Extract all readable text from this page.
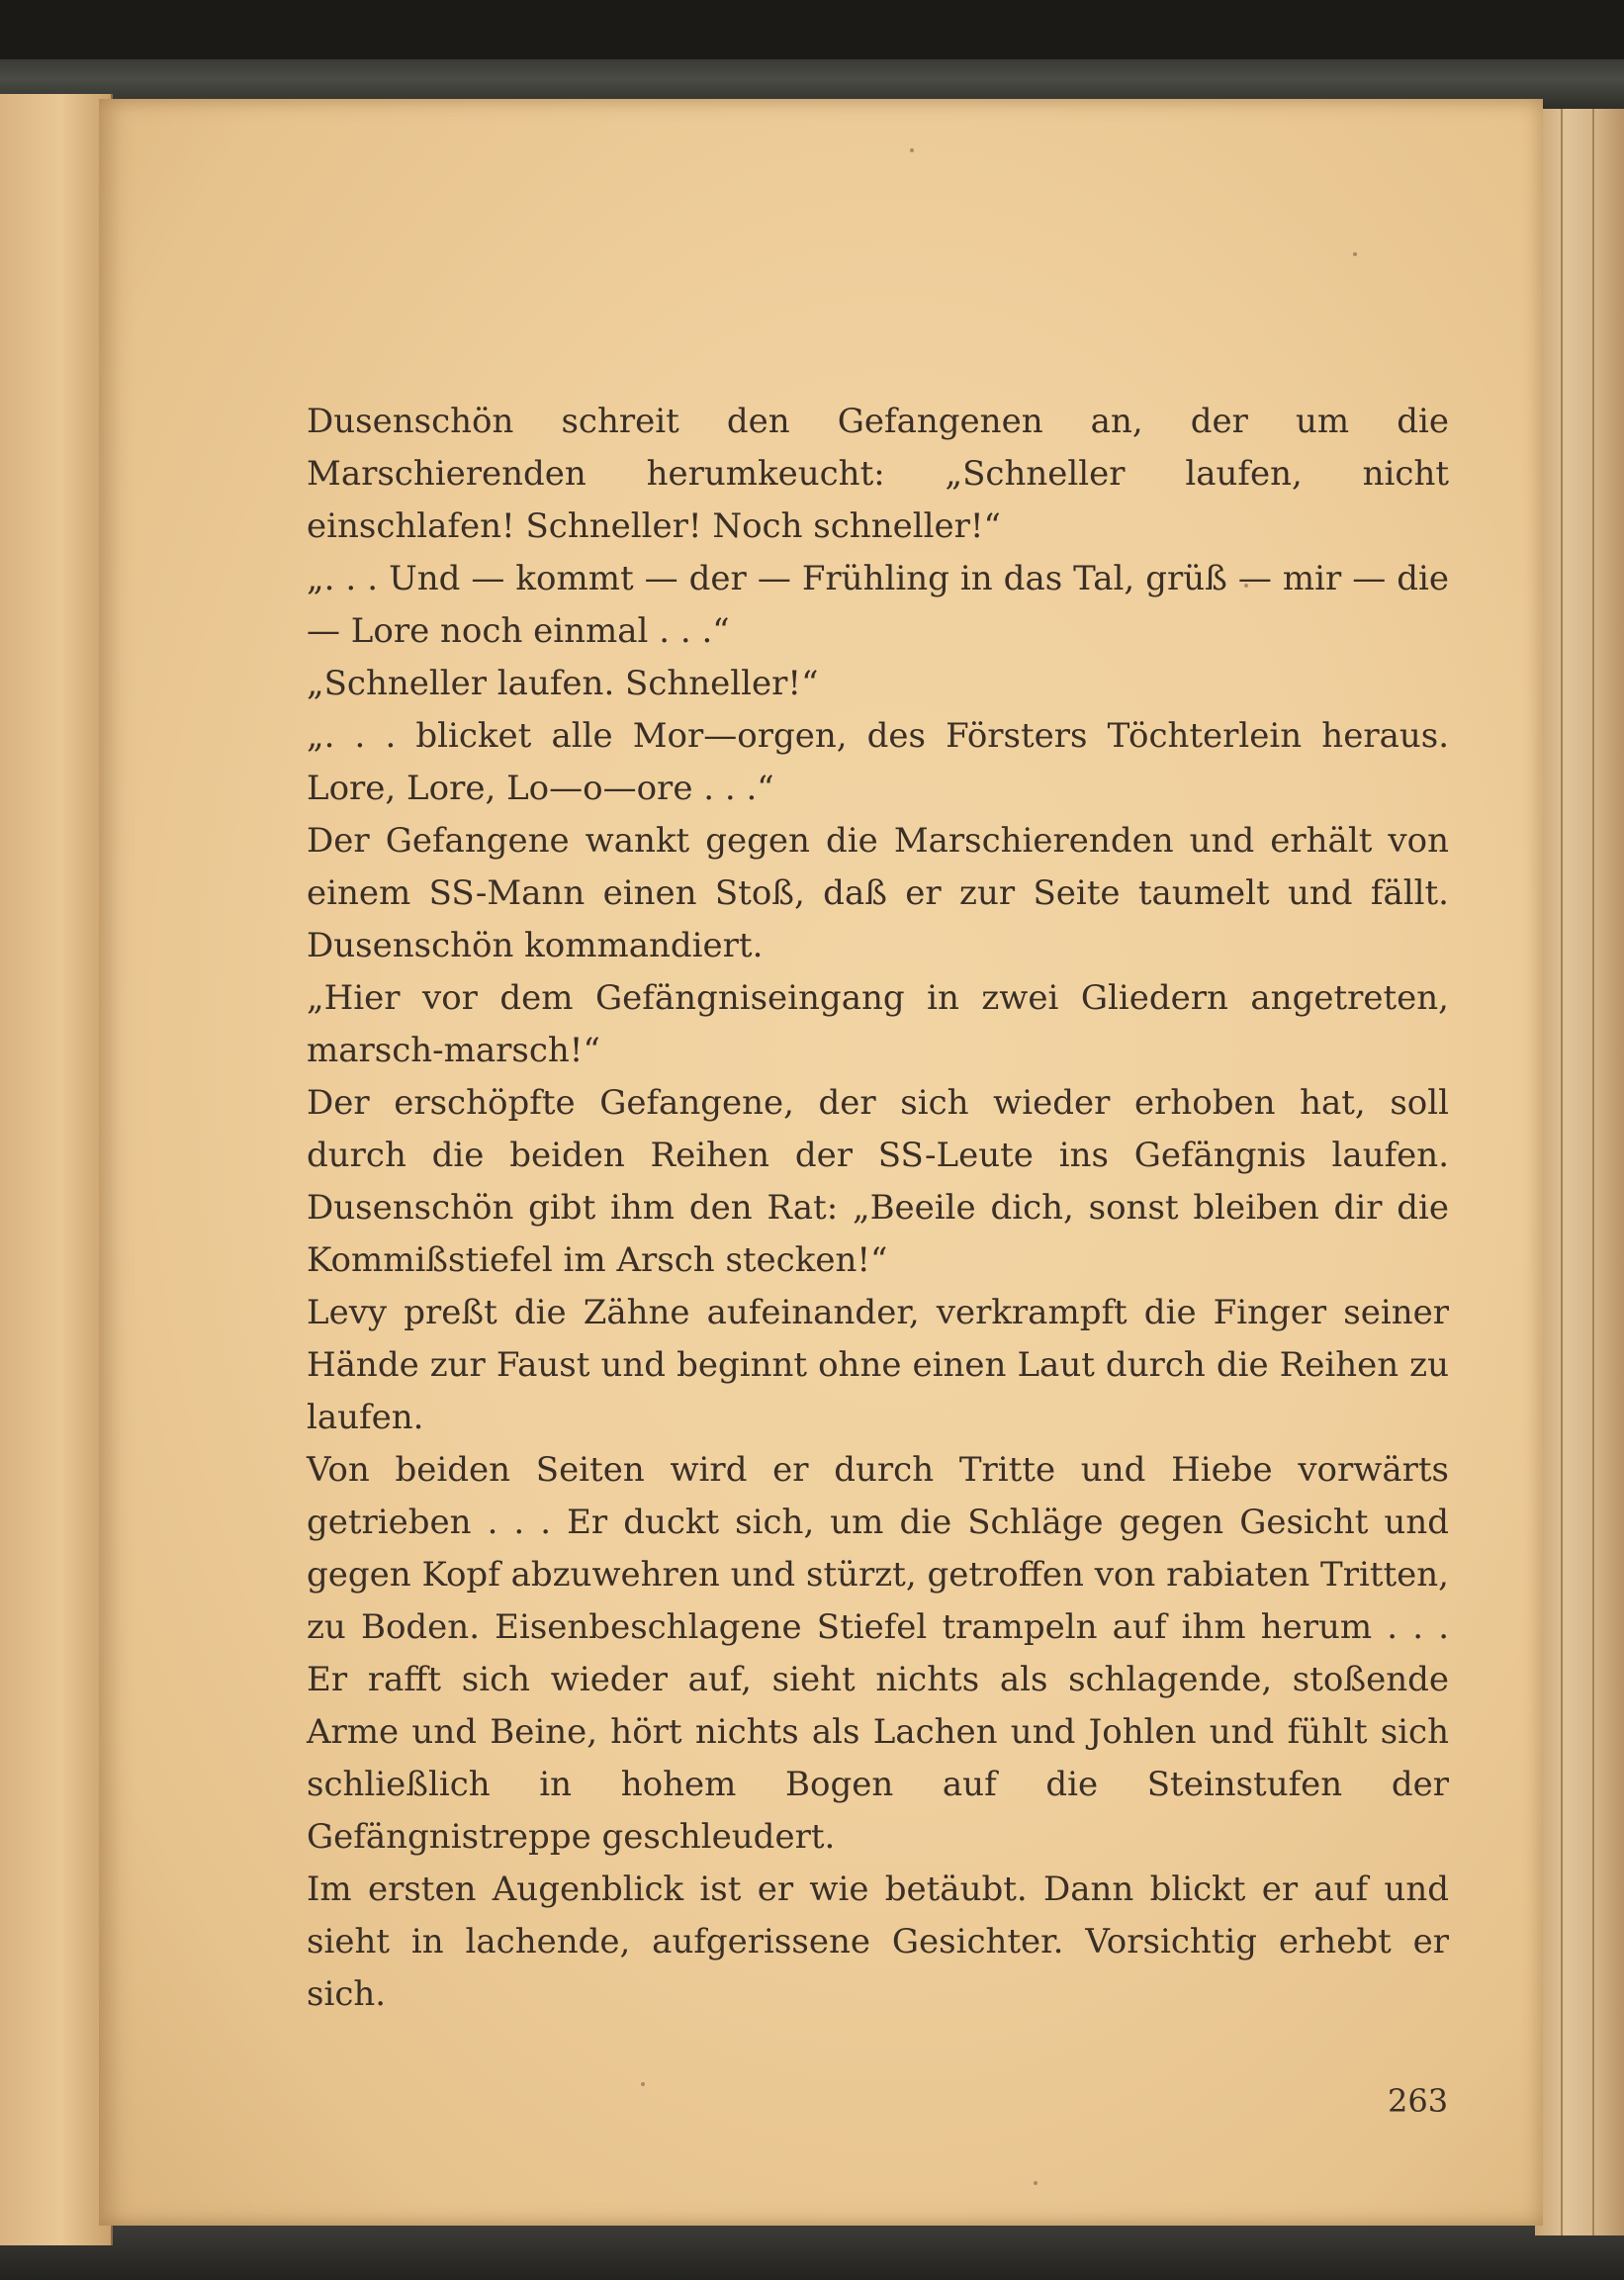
Dusenschön schreit den Gefangenen an, der um die Marschierenden herumkeucht: „Schneller laufen, nicht einschlafen! Schneller! Noch schneller!“

„. . . Und — kommt — der — Frühling in das Tal, grüß — mir — die — Lore noch einmal . . .“

„Schneller laufen. Schneller!“

„. . . blicket alle Mor—orgen, des Försters Töchterlein heraus. Lore, Lore, Lo—o—ore . . .“

Der Gefangene wankt gegen die Marschierenden und erhält von einem SS-Mann einen Stoß, daß er zur Seite taumelt und fällt. Dusenschön kommandiert.

„Hier vor dem Gefängniseingang in zwei Gliedern angetreten, marsch-marsch!“

Der erschöpfte Gefangene, der sich wieder erhoben hat, soll durch die beiden Reihen der SS-Leute ins Gefängnis laufen. Dusenschön gibt ihm den Rat: „Beeile dich, sonst bleiben dir die Kommißstiefel im Arsch stecken!“

Levy preßt die Zähne aufeinander, verkrampft die Finger seiner Hände zur Faust und beginnt ohne einen Laut durch die Reihen zu laufen.

Von beiden Seiten wird er durch Tritte und Hiebe vorwärts getrieben . . . Er duckt sich, um die Schläge gegen Gesicht und gegen Kopf abzuwehren und stürzt, getroffen von rabiaten Tritten, zu Boden. Eisenbeschlagene Stiefel trampeln auf ihm herum . . . Er rafft sich wieder auf, sieht nichts als schlagende, stoßende Arme und Beine, hört nichts als Lachen und Johlen und fühlt sich schließlich in hohem Bogen auf die Steinstufen der Gefängnistreppe geschleudert.

Im ersten Augenblick ist er wie betäubt. Dann blickt er auf und sieht in lachende, aufgerissene Gesichter. Vorsichtig erhebt er sich.

263
